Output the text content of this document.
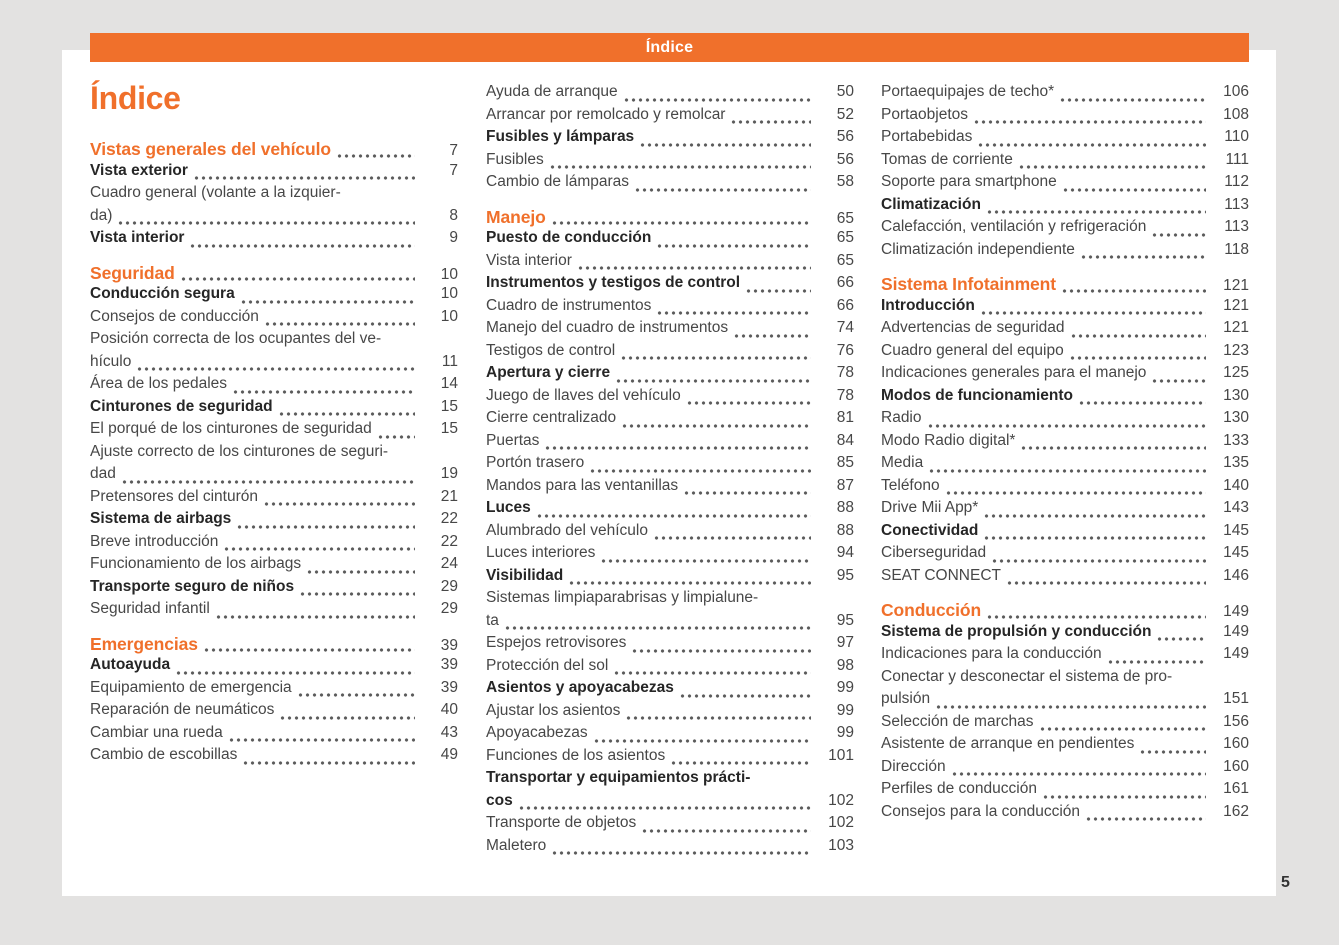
Índice
Índice
Vistas generales del vehículo	7
Vista exterior	7
Cuadro general (volante a la izquier-
da)	8
Vista interior	9
Seguridad	10
Conducción segura	10
Consejos de conducción	10
Posición correcta de los ocupantes del ve-
hículo	11
Área de los pedales	14
Cinturones de seguridad	15
El porqué de los cinturones de seguridad	15
Ajuste correcto de los cinturones de seguri-
dad	19
Pretensores del cinturón	21
Sistema de airbags	22
Breve introducción	22
Funcionamiento de los airbags	24
Transporte seguro de niños	29
Seguridad infantil	29
Emergencias	39
Autoayuda	39
Equipamiento de emergencia	39
Reparación de neumáticos	40
Cambiar una rueda	43
Cambio de escobillas	49
Ayuda de arranque	50
Arrancar por remolcado y remolcar	52
Fusibles y lámparas	56
Fusibles	56
Cambio de lámparas	58
Manejo	65
Puesto de conducción	65
Vista interior	65
Instrumentos y testigos de control	66
Cuadro de instrumentos	66
Manejo del cuadro de instrumentos	74
Testigos de control	76
Apertura y cierre	78
Juego de llaves del vehículo	78
Cierre centralizado	81
Puertas	84
Portón trasero	85
Mandos para las ventanillas	87
Luces	88
Alumbrado del vehículo	88
Luces interiores	94
Visibilidad	95
Sistemas limpiaparabrisas y limpialune-
ta	95
Espejos retrovisores	97
Protección del sol	98
Asientos y apoyacabezas	99
Ajustar los asientos	99
Apoyacabezas	99
Funciones de los asientos	101
Transportar y equipamientos prácti-
cos	102
Transporte de objetos	102
Maletero	103
Portaequipajes de techo*	106
Portaobjetos	108
Portabebidas	110
Tomas de corriente	111
Soporte para smartphone	112
Climatización	113
Calefacción, ventilación y refrigeración	113
Climatización independiente	118
Sistema Infotainment	121
Introducción	121
Advertencias de seguridad	121
Cuadro general del equipo	123
Indicaciones generales para el manejo	125
Modos de funcionamiento	130
Radio	130
Modo Radio digital*	133
Media	135
Teléfono	140
Drive Mii App*	143
Conectividad	145
Ciberseguridad	145
SEAT CONNECT	146
Conducción	149
Sistema de propulsión y conducción	149
Indicaciones para la conducción	149
Conectar y desconectar el sistema de pro-
pulsión	151
Selección de marchas	156
Asistente de arranque en pendientes	160
Dirección	160
Perfiles de conducción	161
Consejos para la conducción	162
5
